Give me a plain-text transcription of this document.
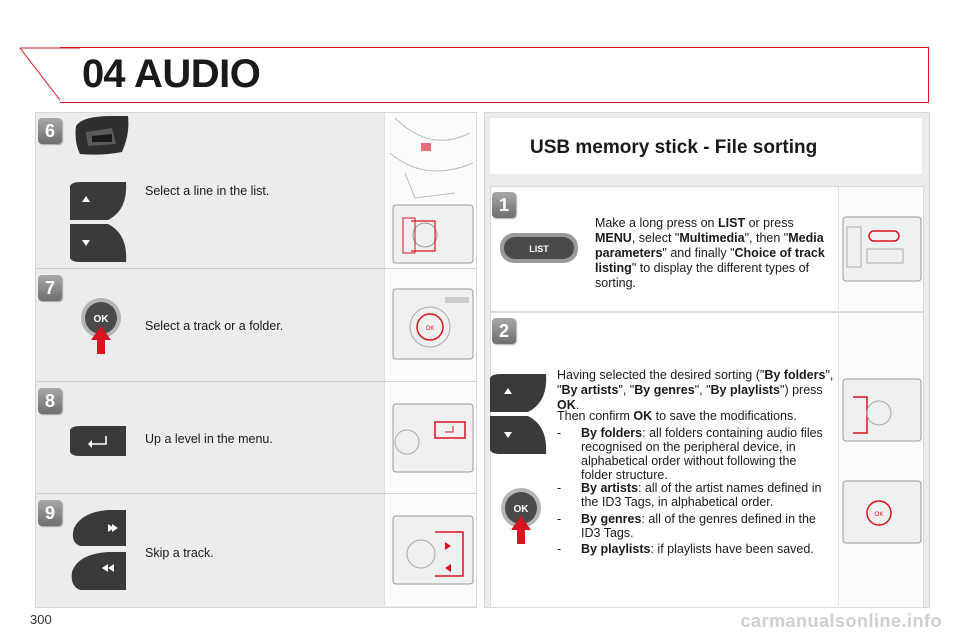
04 AUDIO
6
Select a line in the list.
7
OK	Select a track or a folder.	OK
8
Up a level in the menu.
9
Skip a track.
USB memory stick - File sorting
1
LIST
Make a long press on LIST or press MENU, select "Multimedia", then "Media parameters" and finally "Choice of track listing" to display the different types of sorting.
2
OK
Having selected the desired sorting ("By folders", "By artists", "By genres", "By playlists") press OK.
Then confirm OK to save the modifications.
- By folders: all folders containing audio files recognised on the peripheral device, in alphabetical order without following the folder structure.
- By artists: all of the artist names defined in the ID3 Tags, in alphabetical order.
- By genres: all of the genres defined in the ID3 Tags.
- By playlists: if playlists have been saved.
OK
300	carmanualsonline.info
